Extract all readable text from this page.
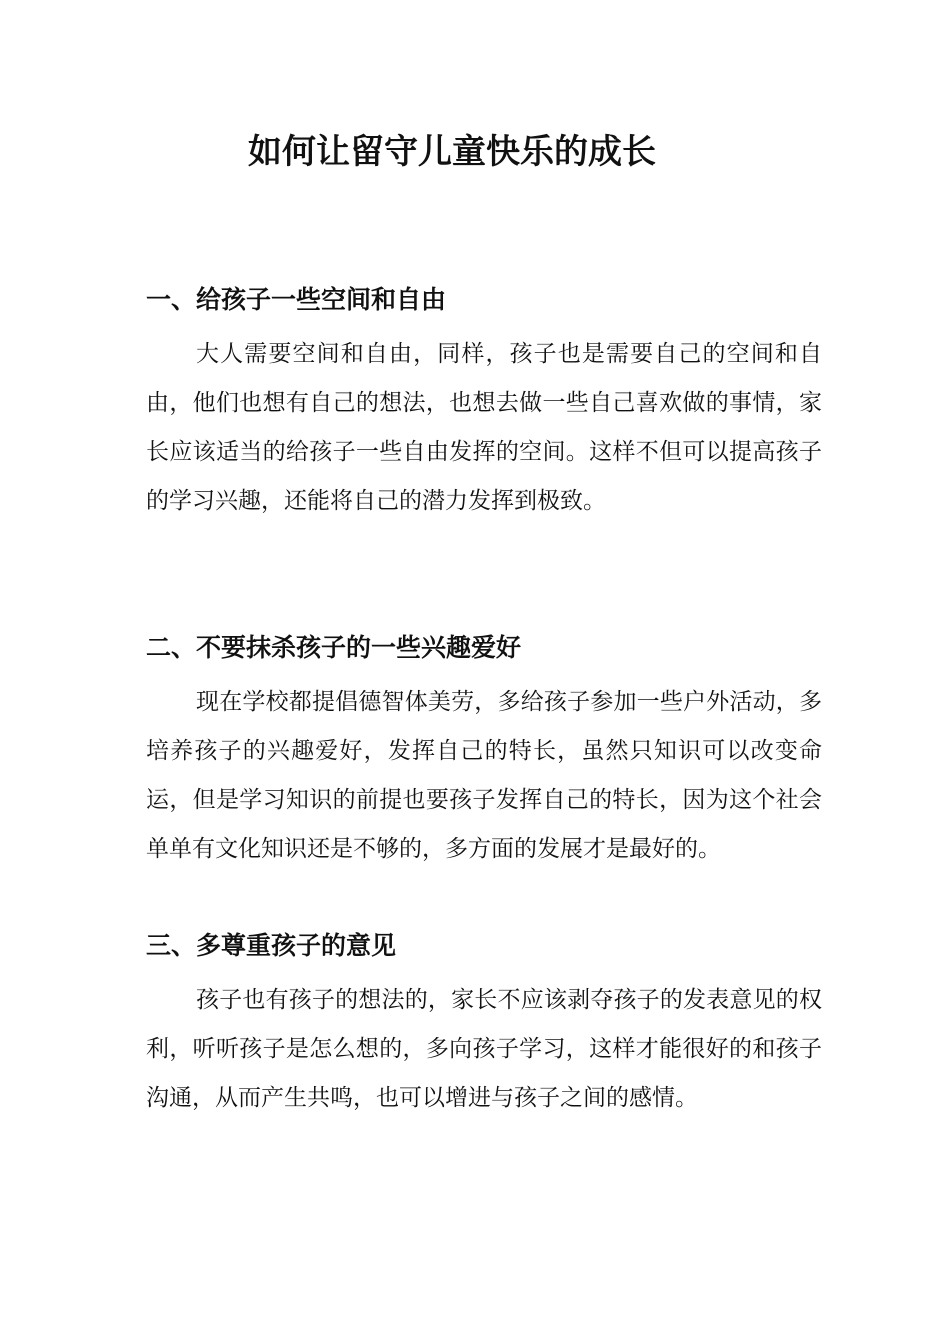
如何让留守儿童快乐的成长
一、给孩子一些空间和自由

大人需要空间和自由，同样，孩子也是需要自己的空间和自由，他们也想有自己的想法，也想去做一些自己喜欢做的事情，家长应该适当的给孩子一些自由发挥的空间。这样不但可以提高孩子的学习兴趣，还能将自己的潜力发挥到极致。

二、不要抹杀孩子的一些兴趣爱好

现在学校都提倡德智体美劳，多给孩子参加一些户外活动，多培养孩子的兴趣爱好，发挥自己的特长，虽然只知识可以改变命运，但是学习知识的前提也要孩子发挥自己的特长，因为这个社会单单有文化知识还是不够的，多方面的发展才是最好的。

三、多尊重孩子的意见

孩子也有孩子的想法的，家长不应该剥夺孩子的发表意见的权利，听听孩子是怎么想的，多向孩子学习，这样才能很好的和孩子沟通，从而产生共鸣，也可以增进与孩子之间的感情。
